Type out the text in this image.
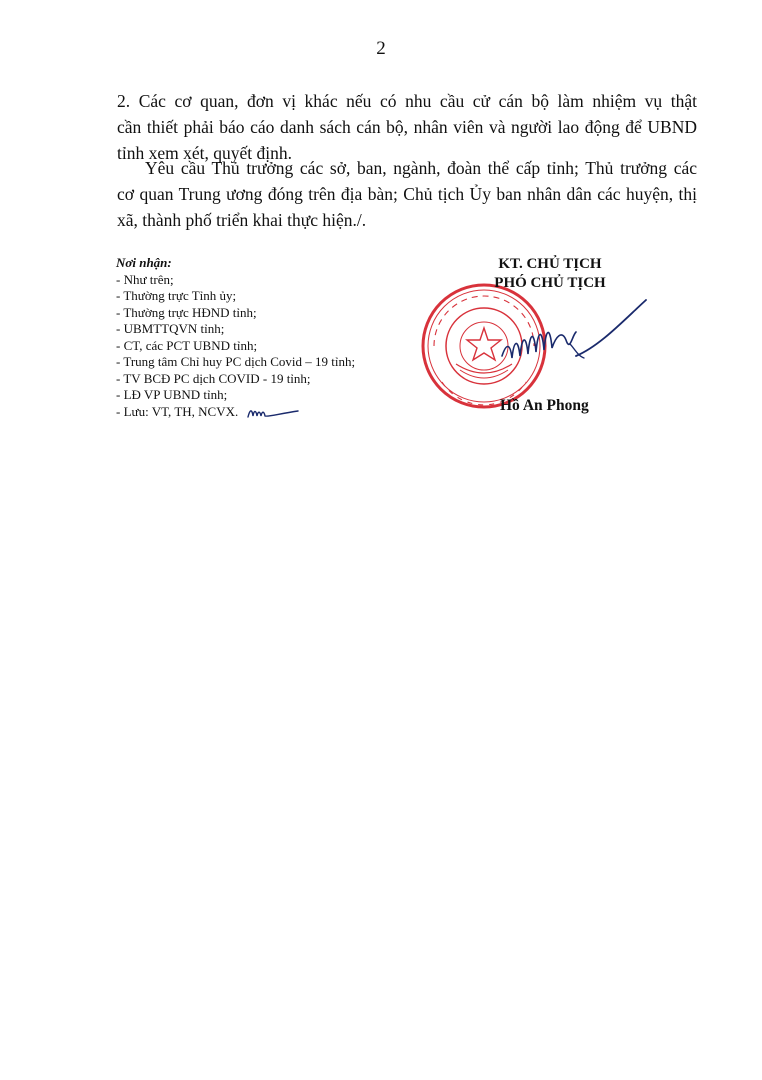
2
2. Các cơ quan, đơn vị khác nếu có nhu cầu cử cán bộ làm nhiệm vụ thật
cần thiết phải báo cáo danh sách cán bộ, nhân viên và người lao động để UBND
tỉnh xem xét, quyết định.
Yêu cầu Thủ trưởng các sở, ban, ngành, đoàn thể cấp tỉnh; Thủ trưởng các
cơ quan Trung ương đóng trên địa bàn; Chủ tịch Ủy ban nhân dân các huyện, thị
xã, thành phố triển khai thực hiện./.
Nơi nhận:
- Như trên;
- Thường trực Tỉnh ủy;
- Thường trực HĐND tỉnh;
- UBMTTQVN tỉnh;
- CT, các PCT UBND tỉnh;
- Trung tâm Chỉ huy PC dịch Covid – 19 tỉnh;
- TV BCĐ PC dịch COVID - 19 tỉnh;
- LĐ VP UBND tỉnh;
- Lưu: VT, TH, NCVX.
KT. CHỦ TỊCH
PHÓ CHỦ TỊCH
Hồ An Phong
